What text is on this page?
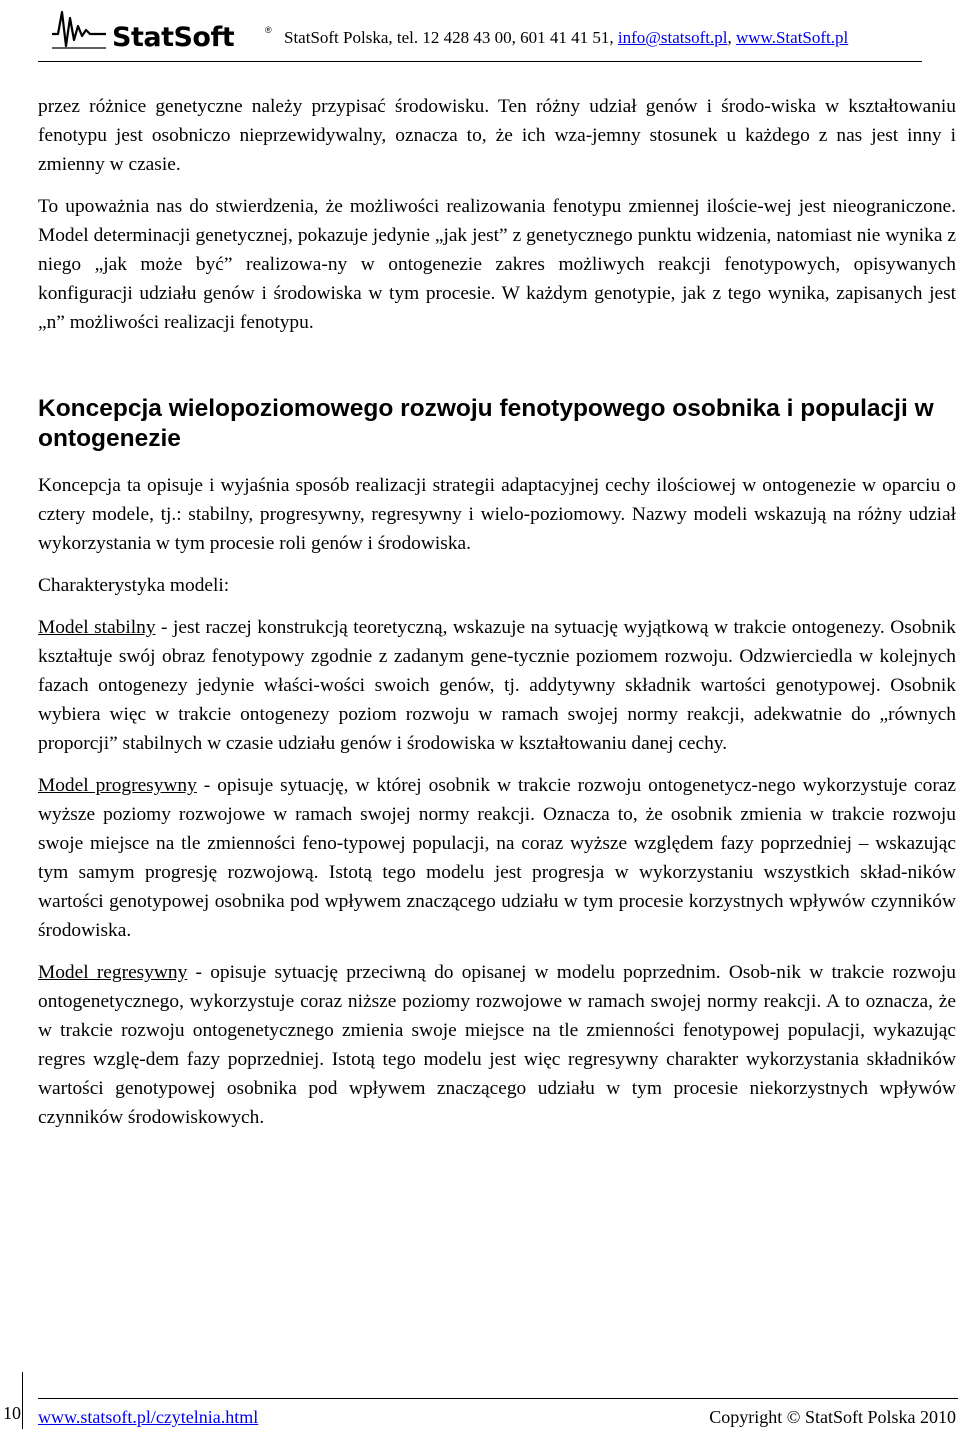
StatSoft	® StatSoft Polska, tel. 12 428 43 00, 601 41 41 51, info@statsoft.pl, www.StatSoft.pl

przez różnice genetyczne należy przypisać środowisku. Ten różny udział genów i środo-wiska w kształtowaniu fenotypu jest osobniczo nieprzewidywalny, oznacza to, że ich wza-jemny stosunek u każdego z nas jest inny i zmienny w czasie.

To upoważnia nas do stwierdzenia, że możliwości realizowania fenotypu zmiennej iloście-wej jest nieograniczone. Model determinacji genetycznej, pokazuje jedynie „jak jest” z genetycznego punktu widzenia, natomiast nie wynika z niego „jak może być” realizowa-ny w ontogenezie zakres możliwych reakcji fenotypowych, opisywanych konfiguracji udziału genów i środowiska w tym procesie. W każdym genotypie, jak z tego wynika, zapisanych jest „n” możliwości realizacji fenotypu.

Koncepcja wielopoziomowego rozwoju fenotypowego osobnika i populacji w ontogenezie

Koncepcja ta opisuje i wyjaśnia sposób realizacji strategii adaptacyjnej cechy ilościowej w ontogenezie w oparciu o cztery modele, tj.: stabilny, progresywny, regresywny i wielo-poziomowy. Nazwy modeli wskazują na różny udział wykorzystania w tym procesie roli genów i środowiska.

Charakterystyka modeli:

Model stabilny - jest raczej konstrukcją teoretyczną, wskazuje na sytuację wyjątkową w trakcie ontogenezy. Osobnik kształtuje swój obraz fenotypowy zgodnie z zadanym gene-tycznie poziomem rozwoju. Odzwierciedla w kolejnych fazach ontogenezy jedynie właści-wości swoich genów, tj. addytywny składnik wartości genotypowej. Osobnik wybiera więc w trakcie ontogenezy poziom rozwoju w ramach swojej normy reakcji, adekwatnie do „równych proporcji” stabilnych w czasie udziału genów i środowiska w kształtowaniu danej cechy.

Model progresywny - opisuje sytuację, w której osobnik w trakcie rozwoju ontogenetycz-nego wykorzystuje coraz wyższe poziomy rozwojowe w ramach swojej normy reakcji. Oznacza to, że osobnik zmienia w trakcie rozwoju swoje miejsce na tle zmienności feno-typowej populacji, na coraz wyższe względem fazy poprzedniej – wskazując tym samym progresję rozwojową. Istotą tego modelu jest progresja w wykorzystaniu wszystkich skład-ników wartości genotypowej osobnika pod wpływem znaczącego udziału w tym procesie korzystnych wpływów czynników środowiska.

Model regresywny - opisuje sytuację przeciwną do opisanej w modelu poprzednim. Osob-nik w trakcie rozwoju ontogenetycznego, wykorzystuje coraz niższe poziomy rozwojowe w ramach swojej normy reakcji. A to oznacza, że w trakcie rozwoju ontogenetycznego zmienia swoje miejsce na tle zmienności fenotypowej populacji, wykazując regres wzglę-dem fazy poprzedniej. Istotą tego modelu jest więc regresywny charakter wykorzystania składników wartości genotypowej osobnika pod wpływem znaczącego udziału w tym procesie niekorzystnych wpływów czynników środowiskowych.

10 www.statsoft.pl/czytelnia.html	Copyright © StatSoft Polska 2010
